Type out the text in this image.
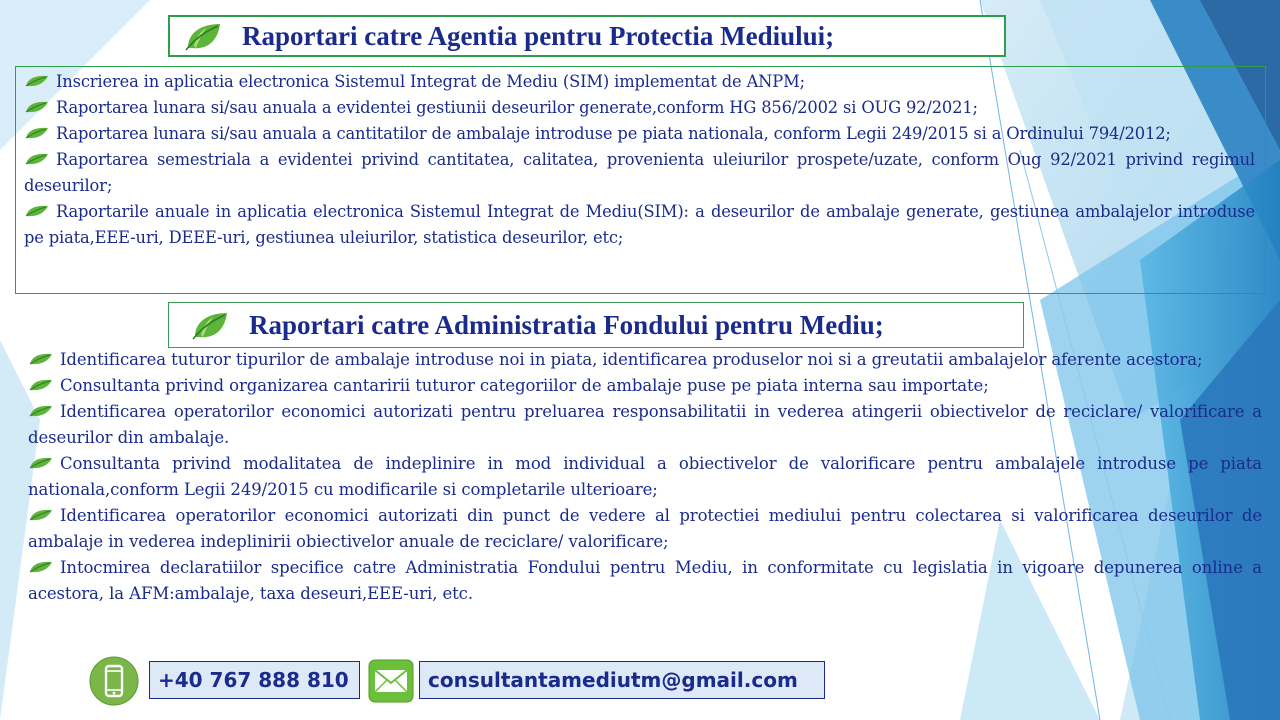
Raportari catre Agentia pentru Protectia Mediului;

Inscrierea in aplicatia electronica Sistemul Integrat de Mediu (SIM) implementat de ANPM;

Raportarea lunara si/sau anuala a evidentei gestiunii deseurilor generate,conform HG 856/2002 si OUG 92/2021;

Raportarea lunara si/sau anuala a cantitatilor de ambalaje introduse pe piata nationala, conform Legii 249/2015 si a Ordinului 794/2012;

Raportarea semestriala a evidentei privind cantitatea, calitatea, provenienta uleiurilor prospete/uzate, conform Oug 92/2021 privind regimul deseurilor;

Raportarile anuale in aplicatia electronica Sistemul Integrat de Mediu(SIM): a deseurilor de ambalaje generate, gestiunea ambalajelor introduse pe piata,EEE-uri, DEEE-uri, gestiunea uleiurilor, statistica deseurilor, etc;

Raportari catre Administratia Fondului pentru Mediu;

Identificarea tuturor tipurilor de ambalaje introduse noi in piata, identificarea produselor noi si a greutatii ambalajelor aferente acestora;

Consultanta privind organizarea cantaririi tuturor categoriilor de ambalaje puse pe piata interna sau importate;

Identificarea operatorilor economici autorizati pentru preluarea responsabilitatii in vederea atingerii obiectivelor de reciclare/ valorificare a deseurilor din ambalaje.

Consultanta privind modalitatea de indeplinire in mod individual a obiectivelor de valorificare pentru ambalajele introduse pe piata nationala,conform Legii 249/2015 cu modificarile si completarile ulterioare;

Identificarea operatorilor economici autorizati din punct de vedere al protectiei mediului pentru colectarea si valorificarea deseurilor de ambalaje in vederea indeplinirii obiectivelor anuale de reciclare/ valorificare;

Intocmirea declaratiilor specifice catre Administratia Fondului pentru Mediu, in conformitate cu legislatia in vigoare depunerea online a acestora, la AFM:ambalaje, taxa deseuri,EEE-uri, etc.

+40 767 888 810	consultantamediutm@gmail.com
